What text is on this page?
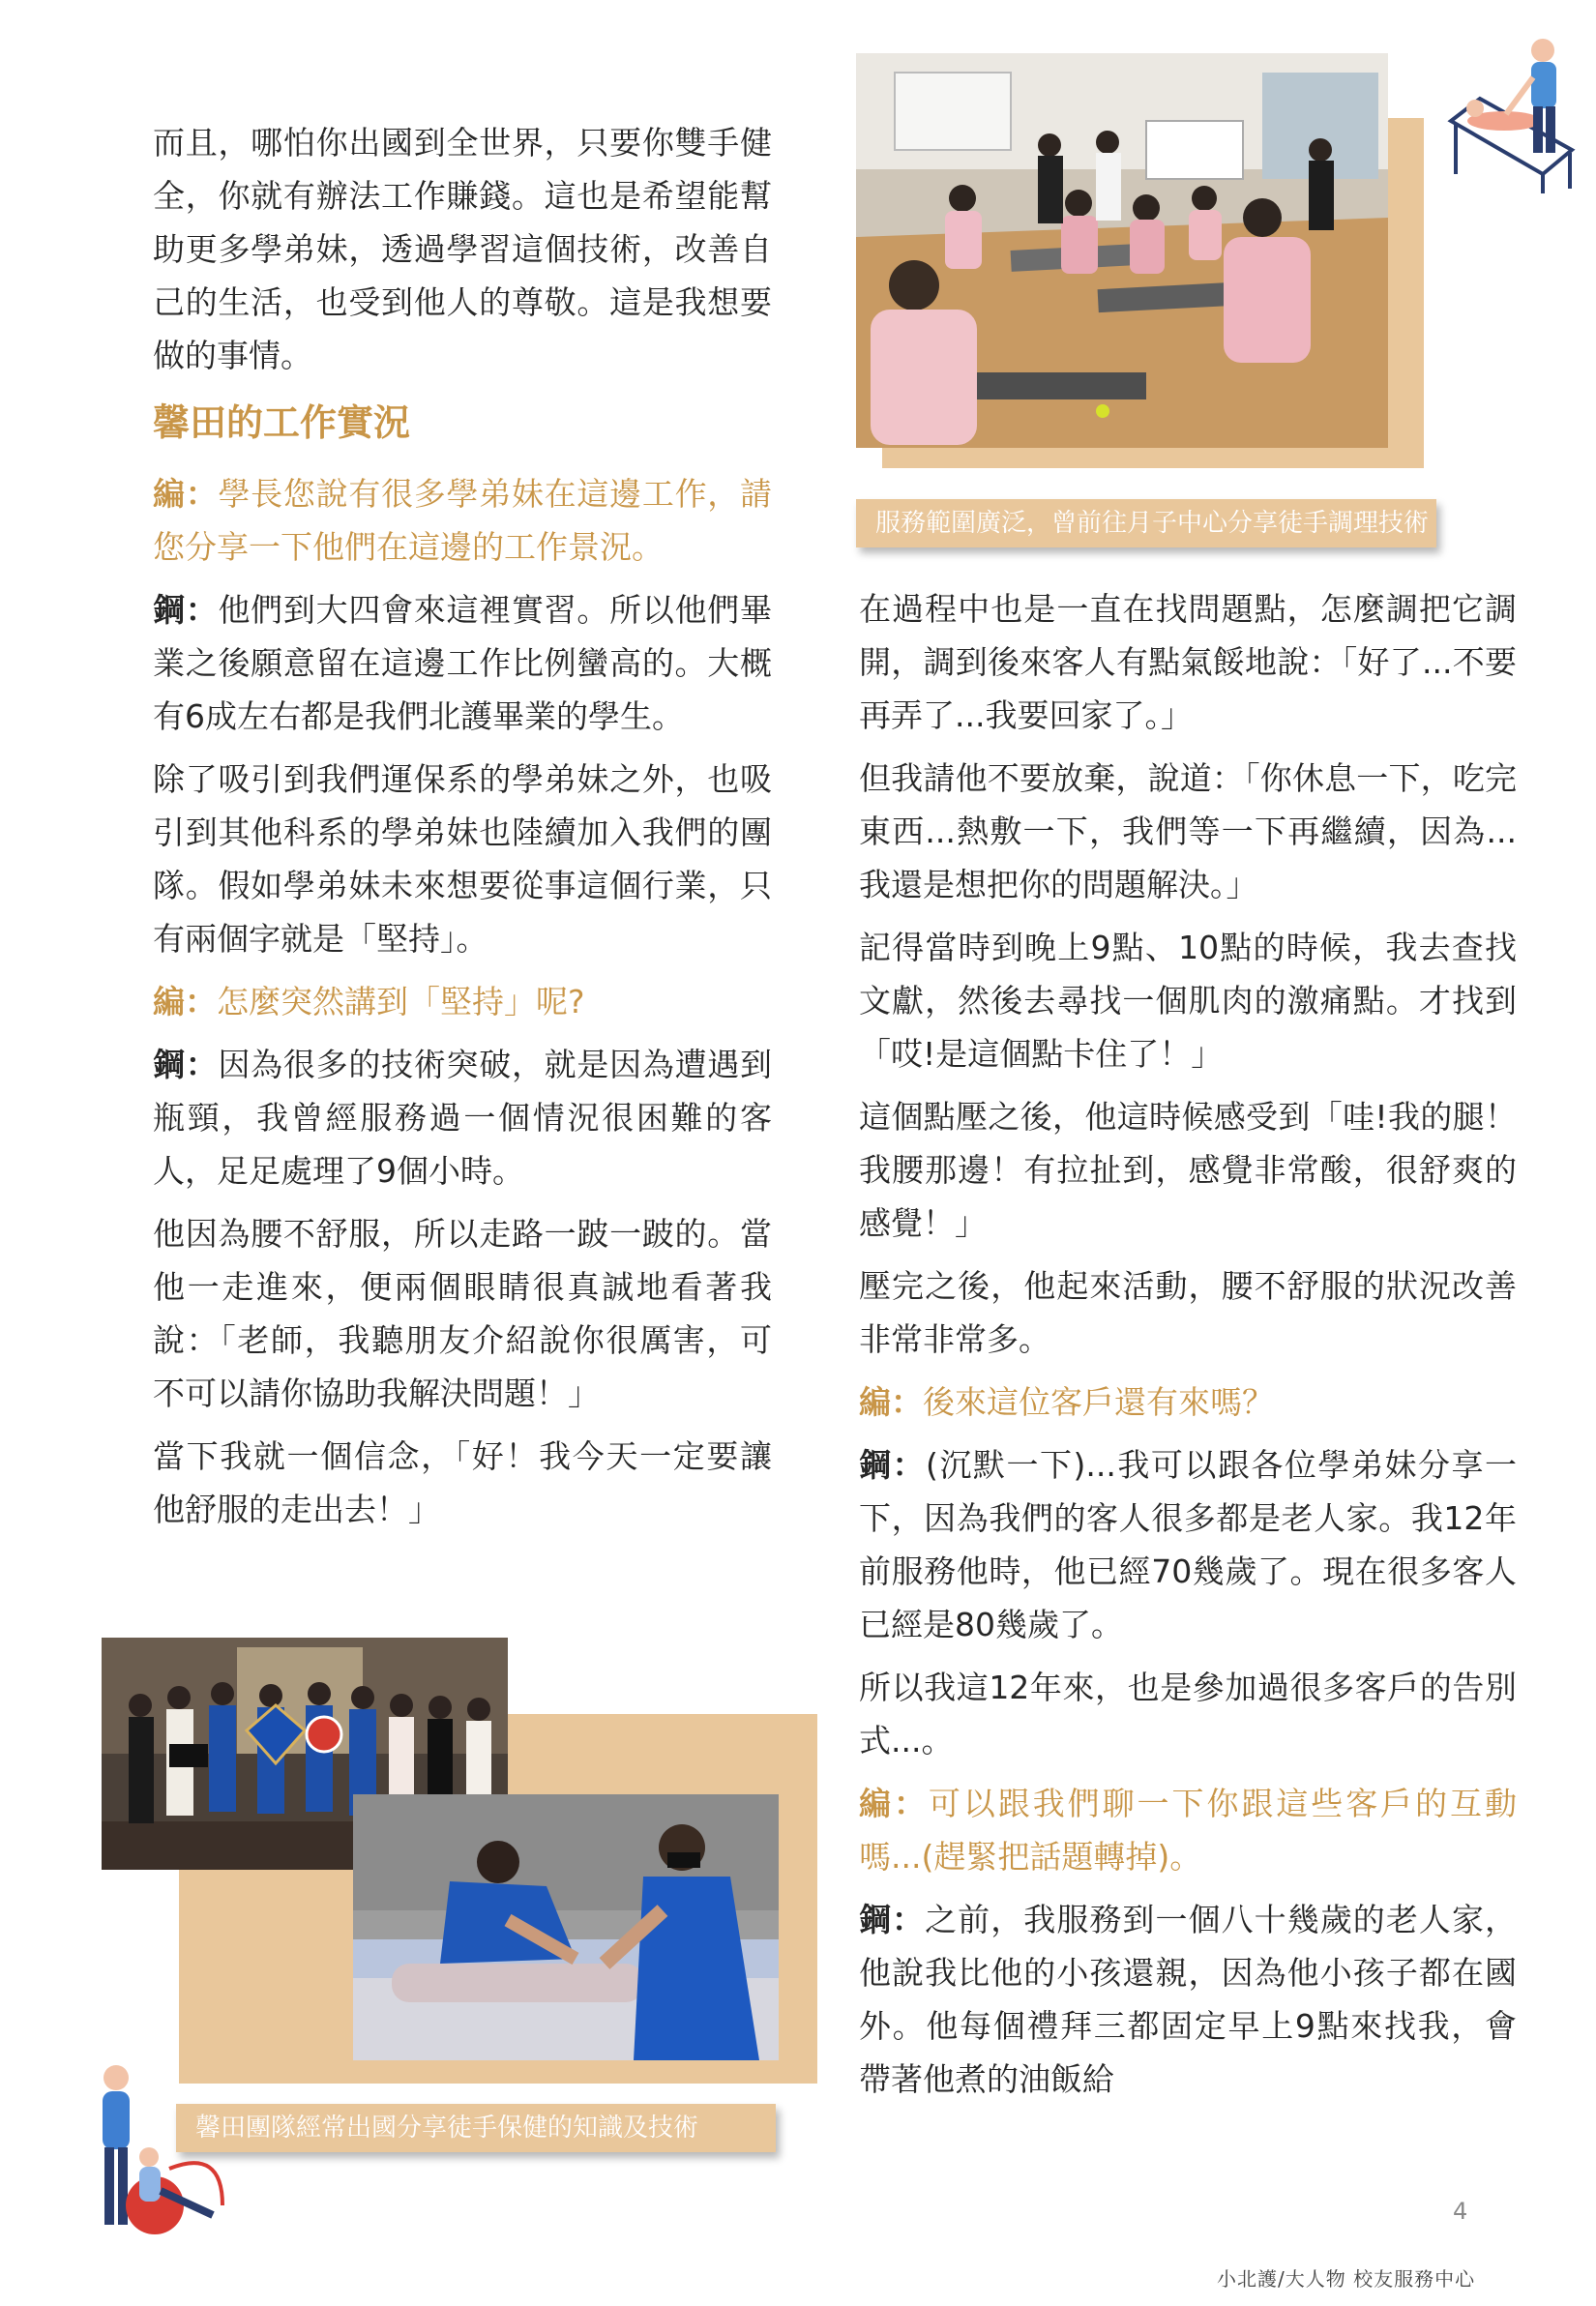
服務範圍廣泛，曾前往月子中心分享徒手調理技術

而且，哪怕你出國到全世界，只要你雙手健全，你就有辦法工作賺錢。這也是希望能幫助更多學弟妹，透過學習這個技術，改善自己的生活，也受到他人的尊敬。這是我想要做的事情。

馨田的工作實況

編：學長您說有很多學弟妹在這邊工作，請您分享一下他們在這邊的工作景況。

鋼：他們到大四會來這裡實習。所以他們畢業之後願意留在這邊工作比例蠻高的。大概有6成左右都是我們北護畢業的學生。

除了吸引到我們運保系的學弟妹之外，也吸引到其他科系的學弟妹也陸續加入我們的團隊。假如學弟妹未來想要從事這個行業，只有兩個字就是「堅持」。

編：怎麼突然講到「堅持」呢?

鋼：因為很多的技術突破，就是因為遭遇到瓶頸，我曾經服務過一個情況很困難的客人，足足處理了9個小時。

他因為腰不舒服，所以走路一跛一跛的。當他一走進來，便兩個眼睛很真誠地看著我說：「老師，我聽朋友介紹說你很厲害，可不可以請你協助我解決問題！」

當下我就一個信念，「好！我今天一定要讓他舒服的走出去！」

馨田團隊經常出國分享徒手保健的知識及技術

在過程中也是一直在找問題點，怎麼調把它調開，調到後來客人有點氣餒地說：「好了...不要再弄了...我要回家了。」

但我請他不要放棄，說道：「你休息一下，吃完東西...熱敷一下，我們等一下再繼續，因為...我還是想把你的問題解決。」

記得當時到晚上9點、10點的時候，我去查找文獻，然後去尋找一個肌肉的激痛點。才找到「哎!是這個點卡住了！」

這個點壓之後，他這時候感受到「哇!我的腿！我腰那邊！有拉扯到，感覺非常酸，很舒爽的感覺！」

壓完之後，他起來活動，腰不舒服的狀況改善非常非常多。

編：後來這位客戶還有來嗎？

鋼：(沉默一下)...我可以跟各位學弟妹分享一下，因為我們的客人很多都是老人家。我12年前服務他時，他已經70幾歲了。現在很多客人已經是80幾歲了。

所以我這12年來，也是參加過很多客戶的告別式...。

編：可以跟我們聊一下你跟這些客戶的互動嗎...(趕緊把話題轉掉)。

鋼：之前，我服務到一個八十幾歲的老人家，他說我比他的小孩還親，因為他小孩子都在國外。他每個禮拜三都固定早上9點來找我，會帶著他煮的油飯給

4
小北護/大人物 校友服務中心
